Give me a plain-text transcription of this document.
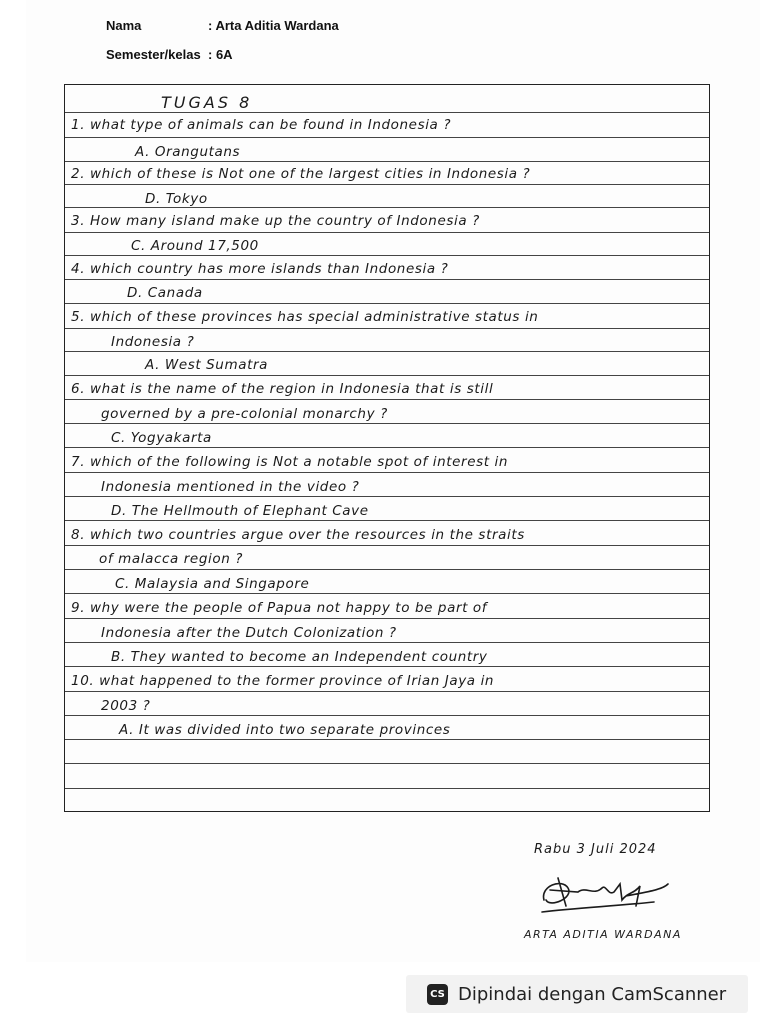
Nama	: Arta Aditia Wardana
Semester/kelas : 6A
TUGAS 8
1. what type of animals can be found in Indonesia ?
A. Orangutans
2. which of these is Not one of the largest cities in Indonesia ?
D. Tokyo
3. How many island make up the country of Indonesia ?
C. Around 17,500
4. which country has more islands than Indonesia ?
D. Canada
5. which of these provinces has special administrative status in
Indonesia ?
A. West Sumatra
6. what is the name of the region in Indonesia that is still
governed by a pre-colonial monarchy ?
C. Yogyakarta
7. which of the following is Not a notable spot of interest in
Indonesia mentioned in the video ?
D. The Hellmouth of Elephant Cave
8. which two countries argue over the resources in the straits
of malacca region ?
C. Malaysia and Singapore
9. why were the people of Papua not happy to be part of
Indonesia after the Dutch Colonization ?
B. They wanted to become an Independent country
10. what happened to the former province of Irian Jaya in
2003 ?
A. It was divided into two separate provinces
Rabu 3 Juli 2024
ARTA ADITIA WARDANA
CS Dipindai dengan CamScanner
